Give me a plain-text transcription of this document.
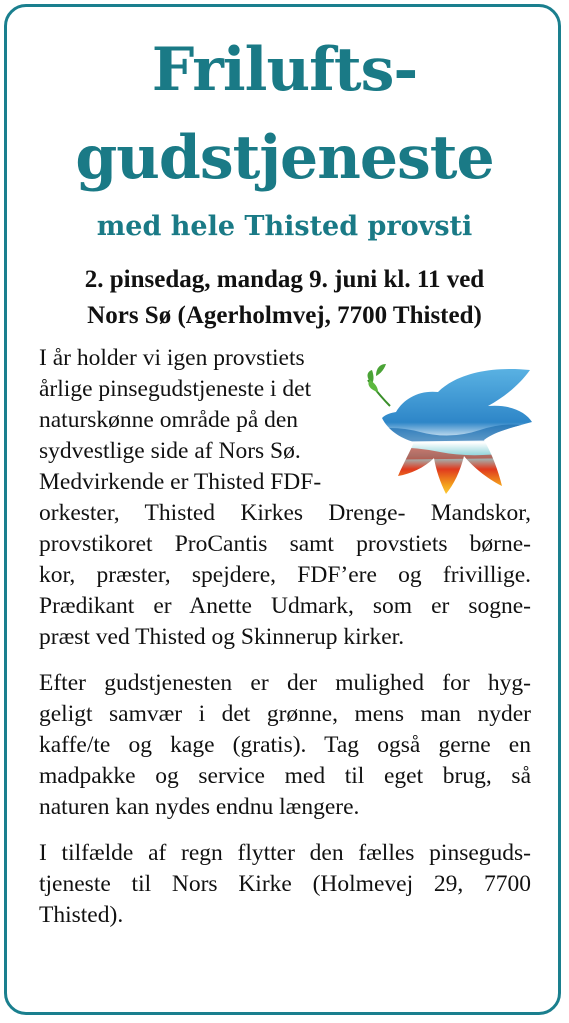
Frilufts-
gudstjeneste
med hele Thisted provsti
2. pinsedag, mandag 9. juni kl. 11 ved
Nors Sø (Agerholmvej, 7700 Thisted)
I år holder vi igen provstiets
årlige pinsegudstjeneste i det
naturskønne område på den
sydvestlige side af Nors Sø.
Medvirkende er Thisted FDF-
orkester, Thisted Kirkes Drenge- Mandskor,
provstikoret ProCantis samt provstiets børne-
kor, præster, spejdere, FDF’ere og frivillige.
Prædikant er Anette Udmark, som er sogne-
præst ved Thisted og Skinnerup kirker.
Efter gudstjenesten er der mulighed for hyg-
geligt samvær i det grønne, mens man nyder
kaffe/te og kage (gratis). Tag også gerne en
madpakke og service med til eget brug, så
naturen kan nydes endnu længere.
I tilfælde af regn flytter den fælles pinseguds-
tjeneste til Nors Kirke (Holmevej 29, 7700
Thisted).
